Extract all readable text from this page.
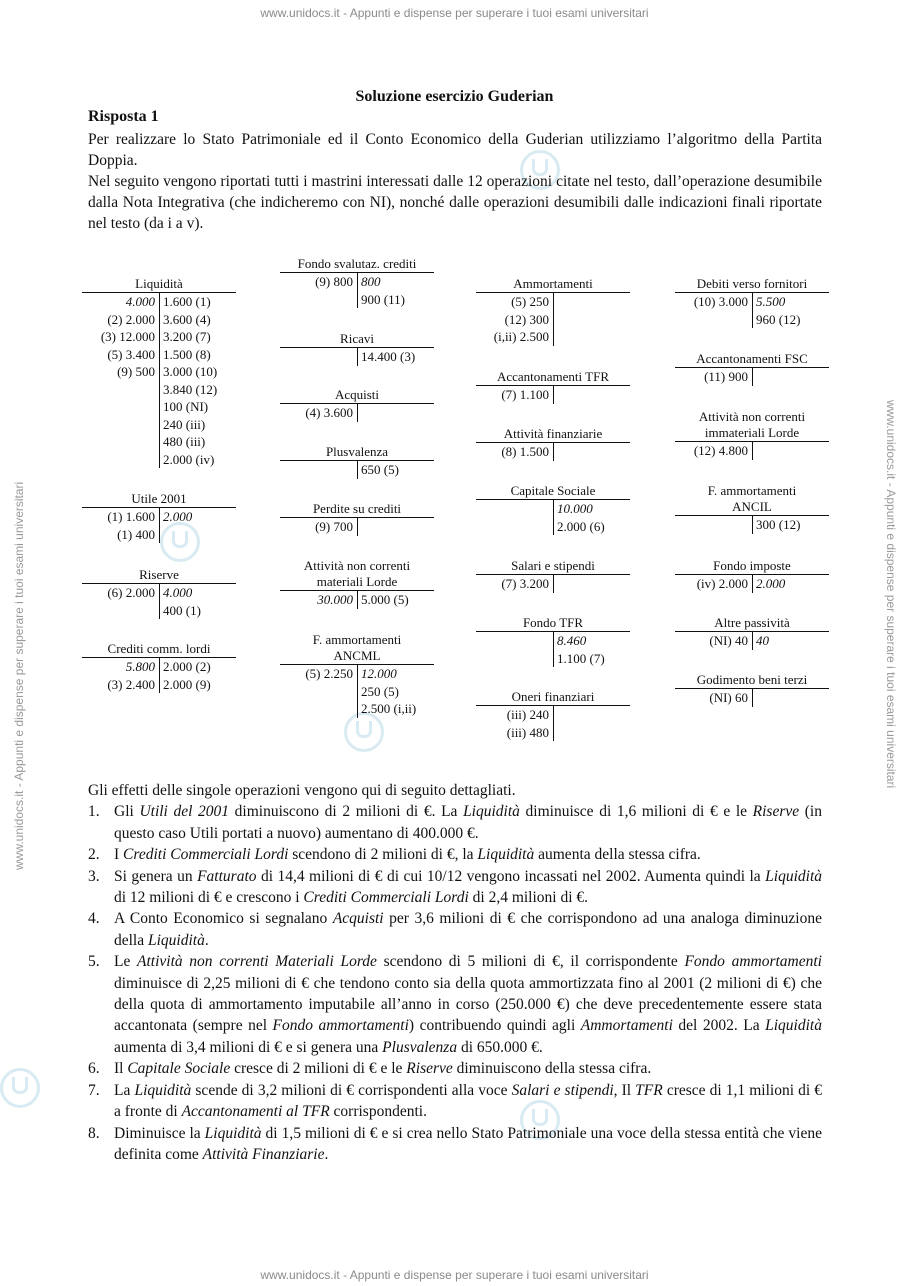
www.unidocs.it - Appunti e dispense per superare i tuoi esami universitari
www.unidocs.it - Appunti e dispense per superare i tuoi esami universitari
www.unidocs.it - Appunti e dispense per superare i tuoi esami universitari	www.unidocs.it - Appunti e dispense per superare i tuoi esami universitari
Soluzione esercizio Guderian
Risposta 1

Per realizzare lo Stato Patrimoniale ed il Conto Economico della Guderian utilizziamo l’algoritmo della Partita Doppia.

Nel seguito vengono riportati tutti i mastrini interessati dalle 12 operazioni citate nel testo, dall’operazione desumibile dalla Nota Integrativa (che indicheremo con NI), nonché dalle operazioni desumibili dalle indicazioni finali riportate nel testo (da i a v).

Liquidità
4.000
(2) 2.000
(3) 12.000
(5) 3.400
(9) 500
1.600 (1)
3.600 (4)
3.200 (7)
1.500 (8)
3.000 (10)
3.840 (12)
100 (NI)
240 (iii)
480 (iii)
2.000 (iv)
Utile 2001
(1) 1.600
(1) 400
2.000
Riserve
(6) 2.000 4.000
400 (1)
Crediti comm. lordi
5.800
(3) 2.400
2.000 (2)
2.000 (9)
Fondo svalutaz. crediti
(9) 800 800
900 (11)
Ricavi
14.400 (3)
Acquisti
(4) 3.600
Plusvalenza
650 (5)
Perdite su crediti
(9) 700
Attività non correnti
materiali Lorde
30.000 5.000 (5)
F. ammortamenti
ANCML
(5) 2.250 12.000
250 (5)
2.500 (i,ii)
Ammortamenti
(5) 250
(12) 300
(i,ii) 2.500
Accantonamenti TFR
(7) 1.100
Attività finanziarie
(8) 1.500
Capitale Sociale
10.000
2.000 (6)
Salari e stipendi
(7) 3.200
Fondo TFR
8.460
1.100 (7)
Oneri finanziari
(iii) 240
(iii) 480
Debiti verso fornitori
(10) 3.000 5.500
960 (12)
Accantonamenti FSC
(11) 900
Attività non correnti
immateriali Lorde
(12) 4.800
F. ammortamenti
ANCIL
300 (12)
Fondo imposte
(iv) 2.000 2.000
Altre passività
(NI) 40 40
Godimento beni terzi
(NI) 60

Gli effetti delle singole operazioni vengono qui di seguito dettagliati.

1. Gli Utili del 2001 diminuiscono di 2 milioni di €. La Liquidità diminuisce di 1,6 milioni di € e le Riserve (in questo caso Utili portati a nuovo) aumentano di 400.000 €.
2. I Crediti Commerciali Lordi scendono di 2 milioni di €, la Liquidità aumenta della stessa cifra.
3. Si genera un Fatturato di 14,4 milioni di € di cui 10/12 vengono incassati nel 2002. Aumenta quindi la Liquidità di 12 milioni di € e crescono i Crediti Commerciali Lordi di 2,4 milioni di €.
4. A Conto Economico si segnalano Acquisti per 3,6 milioni di € che corrispondono ad una analoga diminuzione della Liquidità.
5. Le Attività non correnti Materiali Lorde scendono di 5 milioni di €, il corrispondente Fondo ammortamenti diminuisce di 2,25 milioni di € che tendono conto sia della quota ammortizzata fino al 2001 (2 milioni di €) che della quota di ammortamento imputabile all’anno in corso (250.000 €) che deve precedentemente essere stata accantonata (sempre nel Fondo ammortamenti) contribuendo quindi agli Ammortamenti del 2002. La Liquidità aumenta di 3,4 milioni di € e si genera una Plusvalenza di 650.000 €.
6. Il Capitale Sociale cresce di 2 milioni di € e le Riserve diminuiscono della stessa cifra.
7. La Liquidità scende di 3,2 milioni di € corrispondenti alla voce Salari e stipendi, Il TFR cresce di 1,1 milioni di € a fronte di Accantonamenti al TFR corrispondenti.
8. Diminuisce la Liquidità di 1,5 milioni di € e si crea nello Stato Patrimoniale una voce della stessa entità che viene definita come Attività Finanziarie.
